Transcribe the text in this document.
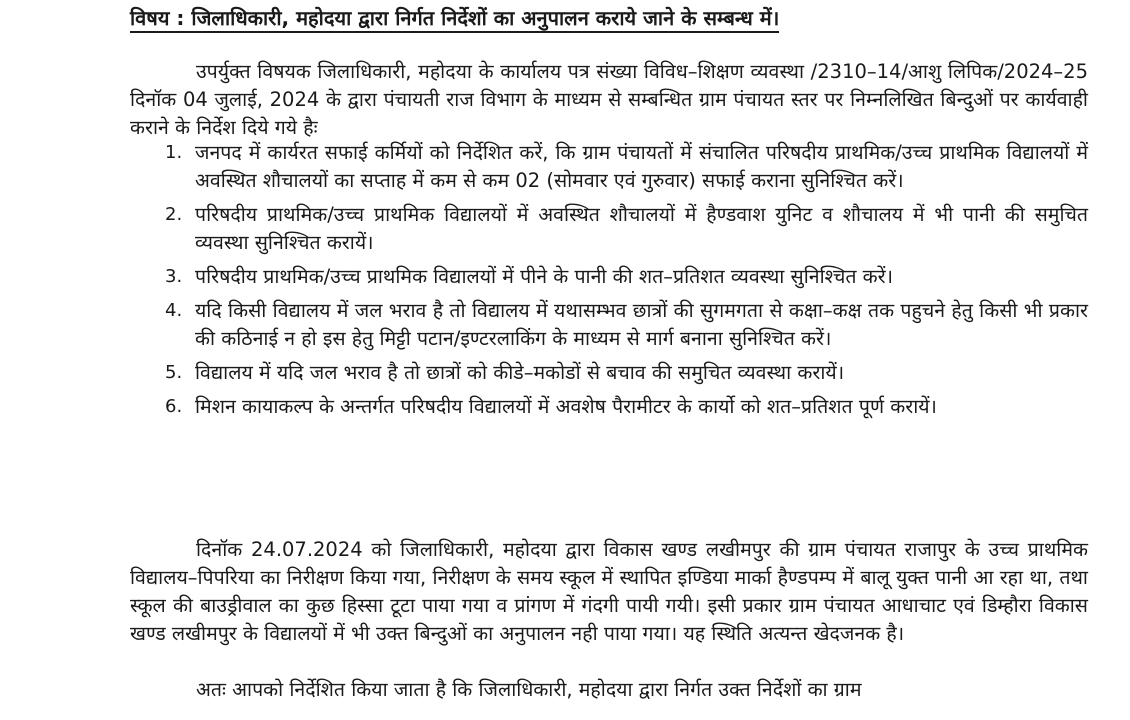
विषय : जिलाधिकारी, महोदया द्वारा निर्गत निर्देशों का अनुपालन कराये जाने के सम्बन्ध में।

उपर्युक्त विषयक जिलाधिकारी, महोदया के कार्यालय पत्र संख्या विविध–शिक्षण व्यवस्था /2310–14/आशु लिपिक/2024–25 दिनॉक 04 जुलाई, 2024 के द्वारा पंचायती राज विभाग के माध्यम से सम्बन्धित ग्राम पंचायत स्तर पर निम्नलिखित बिन्दुओं पर कार्यवाही कराने के निर्देश दिये गये हैः

1. जनपद में कार्यरत सफाई कर्मियों को निर्देशित करें, कि ग्राम पंचायतों में संचालित परिषदीय प्राथमिक/उच्च प्राथमिक विद्यालयों में अवस्थित शौचालयों का सप्ताह में कम से कम 02 (सोमवार एवं गुरुवार) सफाई कराना सुनिश्चित करें।
2. परिषदीय प्राथमिक/उच्च प्राथमिक विद्यालयों में अवस्थित शौचालयों में हैण्डवाश युनिट व शौचालय में भी पानी की समुचित व्यवस्था सुनिश्चित करायें।
3. परिषदीय प्राथमिक/उच्च प्राथमिक विद्यालयों में पीने के पानी की शत–प्रतिशत व्यवस्था सुनिश्चित करें।
4. यदि किसी विद्यालय में जल भराव है तो विद्यालय में यथासम्भव छात्रों की सुगमगता से कक्षा–कक्ष तक पहुचने हेतु किसी भी प्रकार की कठिनाई न हो इस हेतु मिट्टी पटान/इण्टरलाकिंग के माध्यम से मार्ग बनाना सुनिश्चित करें।
5. विद्यालय में यदि जल भराव है तो छात्रों को कीडे–मकोडों से बचाव की समुचित व्यवस्था करायें।
6. मिशन कायाकल्प के अन्तर्गत परिषदीय विद्यालयों में अवशेष पैरामीटर के कार्यो को शत–प्रतिशत पूर्ण करायें।

दिनॉक 24.07.2024 को जिलाधिकारी, महोदया द्वारा विकास खण्ड लखीमपुर की ग्राम पंचायत राजापुर के उच्च प्राथमिक विद्यालय–पिपरिया का निरीक्षण किया गया, निरीक्षण के समय स्कूल में स्थापित इण्डिया मार्का हैण्डपम्प में बालू युक्त पानी आ रहा था, तथा स्कूल की बाउड्रीवाल का कुछ हिस्सा टूटा पाया गया व प्रांगण में गंदगी पायी गयी। इसी प्रकार ग्राम पंचायत आधाचाट एवं डिम्हौरा विकास खण्ड लखीमपुर के विद्यालयों में भी उक्त बिन्दुओं का अनुपालन नही पाया गया। यह स्थिति अत्यन्त खेदजनक है।

अतः आपको निर्देशित किया जाता है कि जिलाधिकारी, महोदया द्वारा निर्गत उक्त निर्देशों का ग्राम
